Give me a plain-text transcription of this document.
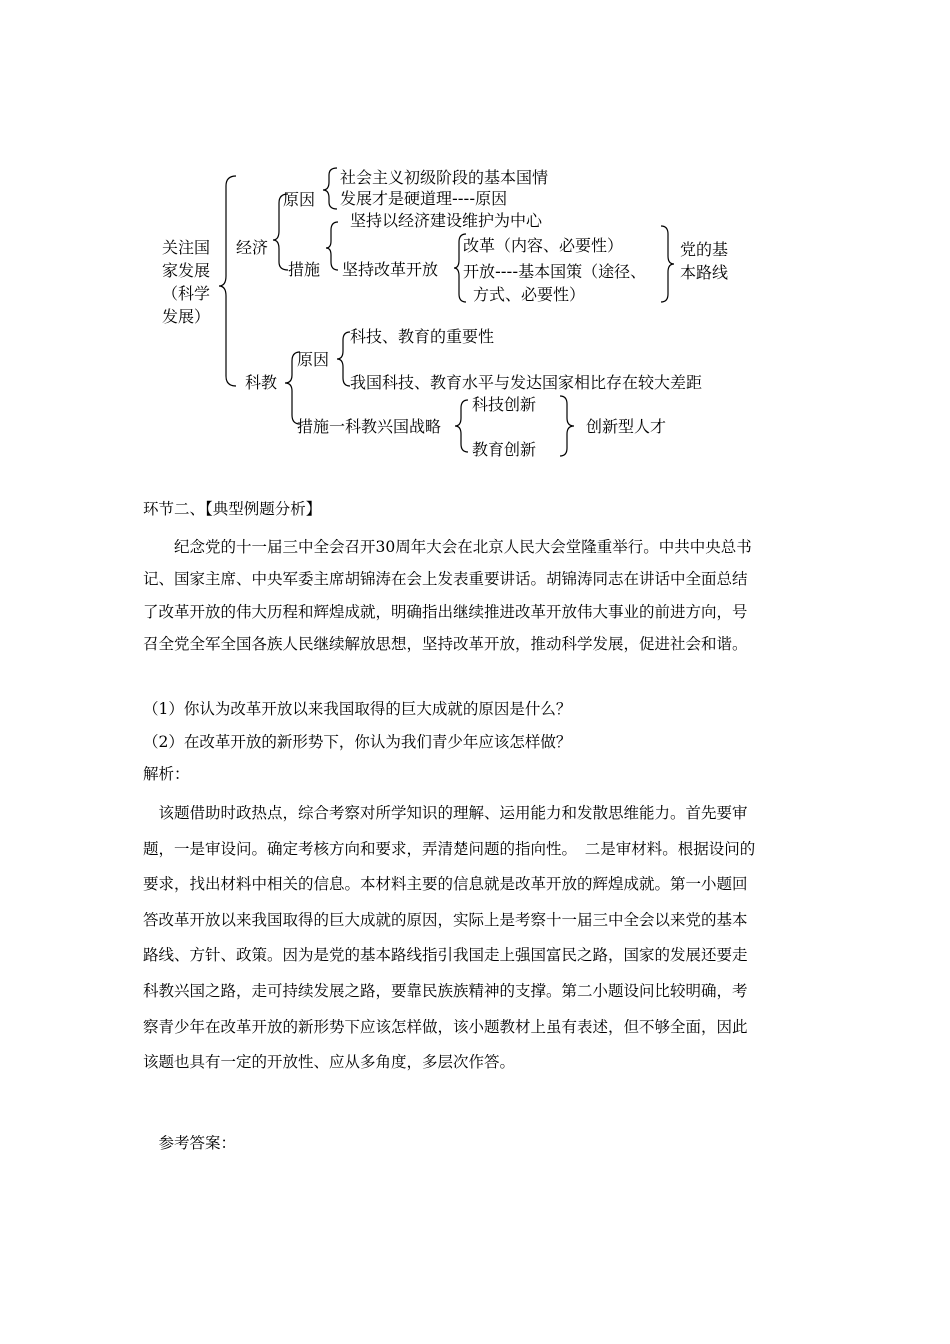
关注国
家发展
（科学
发展）
经济
原因
社会主义初级阶段的基本国情
发展才是硬道理----原因
措施
坚持以经济建设维护为中心
坚持改革开放
改革（内容、必要性）
开放----基本国策（途径、
方式、必要性）
党的基
本路线
科教
原因
科技、教育的重要性
我国科技、教育水平与发达国家相比存在较大差距
措施一科教兴国战略
科技创新
教育创新
创新型人才
环节二、【典型例题分析】
　　纪念党的十一届三中全会召开30周年大会在北京人民大会堂隆重举行。中共中央总书
记、国家主席、中央军委主席胡锦涛在会上发表重要讲话。胡锦涛同志在讲话中全面总结
了改革开放的伟大历程和辉煌成就，明确指出继续推进改革开放伟大事业的前进方向，号
召全党全军全国各族人民继续解放思想，坚持改革开放，推动科学发展，促进社会和谐。
（1）你认为改革开放以来我国取得的巨大成就的原因是什么？
（2）在改革开放的新形势下，你认为我们青少年应该怎样做？
解析：
　该题借助时政热点，综合考察对所学知识的理解、运用能力和发散思维能力。首先要审
题，一是审设问。确定考核方向和要求，弄清楚问题的指向性。　二是审材料。根据设问的
要求，找出材料中相关的信息。本材料主要的信息就是改革开放的辉煌成就。第一小题回
答改革开放以来我国取得的巨大成就的原因，实际上是考察十一届三中全会以来党的基本
路线、方针、政策。因为是党的基本路线指引我国走上强国富民之路，国家的发展还要走
科教兴国之路，走可持续发展之路，要靠民族族精神的支撑。第二小题设问比较明确，考
察青少年在改革开放的新形势下应该怎样做，该小题教材上虽有表述，但不够全面，因此
该题也具有一定的开放性、应从多角度，多层次作答。
　参考答案：
